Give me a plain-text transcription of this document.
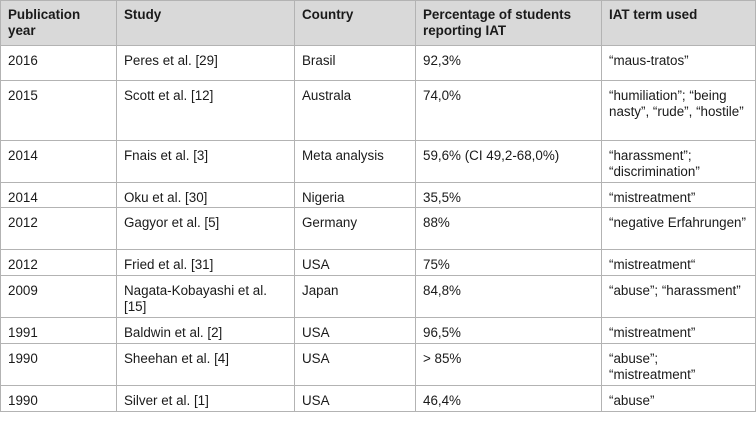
Publication year	Study	Country	Percentage of students reporting IAT	IAT term used
2016	Peres et al. [29]	Brasil	92,3%	“maus-tratos”
2015	Scott et al. [12]	Australa	74,0%	“humiliation”; “being nasty”, “rude”, “hostile”
2014	Fnais et al. [3]	Meta analysis	59,6% (CI 49,2-68,0%)	“harassment”; “discrimination”
2014	Oku et al. [30]	Nigeria	35,5%	“mistreatment”
2012	Gagyor et al. [5]	Germany	88%	“negative Erfahrungen”
2012	Fried et al. [31]	USA	75%	“mistreatment“
2009	Nagata-Kobayashi et al. [15]	Japan	84,8%	“abuse”; “harassment”
1991	Baldwin et al. [2]	USA	96,5%	“mistreatment”
1990	Sheehan et al. [4]	USA	> 85%	“abuse”; “mistreatment”
1990	Silver et al. [1]	USA	46,4%	“abuse”
